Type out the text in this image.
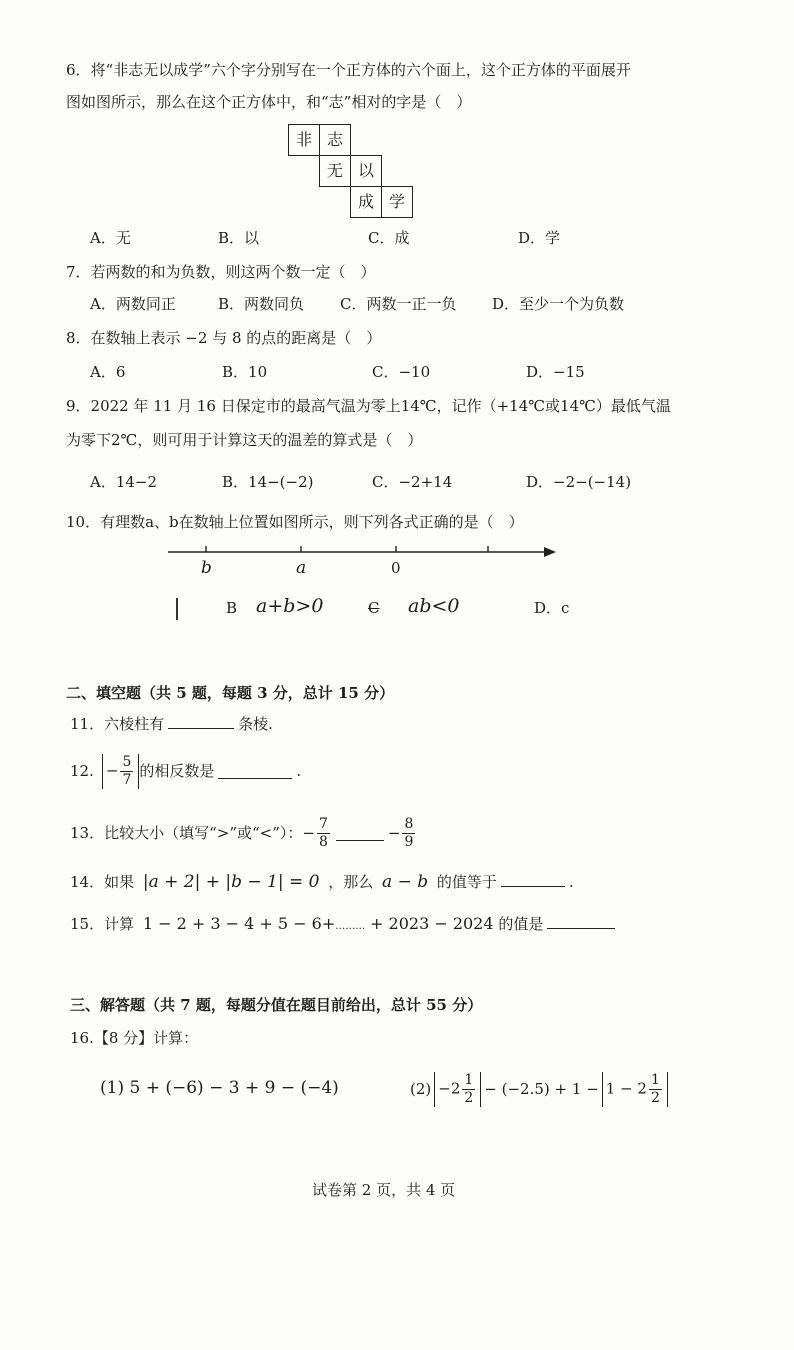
6．将“非志无以成学”六个字分别写在一个正方体的六个面上，这个正方体的平面展开
图如图所示，那么在这个正方体中，和“志”相对的字是（　）
非 志
无 以
成 学
A．无	B．以	C．成	D．学
7．若两数的和为负数，则这两个数一定（　）
A．两数同正	B．两数同负 C．两数一正一负 D．至少一个为负数
8．在数轴上表示 −2 与 8 的点的距离是（　）
A．6	B．10	C．−10	D．−15
9．2022 年 11 月 16 日保定市的最高气温为零上14℃，记作（+14℃或14℃）最低气温
为零下2℃，则可用于计算这天的温差的算式是（　）
A．14−2	B．14−(−2)	C．−2+14	D．−2−(−14)
10．有理数a、b在数轴上位置如图所示，则下列各式正确的是（　）
b	a	0
B a+b>0	C ab<0	D．c
二、填空题（共 5 题，每题 3 分，总计 15 分）
11．六棱柱有	条棱.
12. − $\frac{5}{7}$ 的相反数是	.
13．比较大小（填写“>”或“<”）： − $\frac{7}{8}$	− $\frac{8}{9}$
14．如果 |a + 2| + |b − 1| = 0 ，那么 a − b 的值等于	.
15．计算 1 − 2 + 3 − 4 + 5 − 6+……… + 2023 − 2024 的值是
三、解答题（共 7 题，每题分值在题目前给出，总计 55 分）
16.【8 分】计算：
(1) 5 + (−6) − 3 + 9 − (−4)	$(2) -2 \frac{1}{2} - (-2.5) + 1 - 1 - 2 \frac{1}{2}$
试卷第 2 页，共 4 页
